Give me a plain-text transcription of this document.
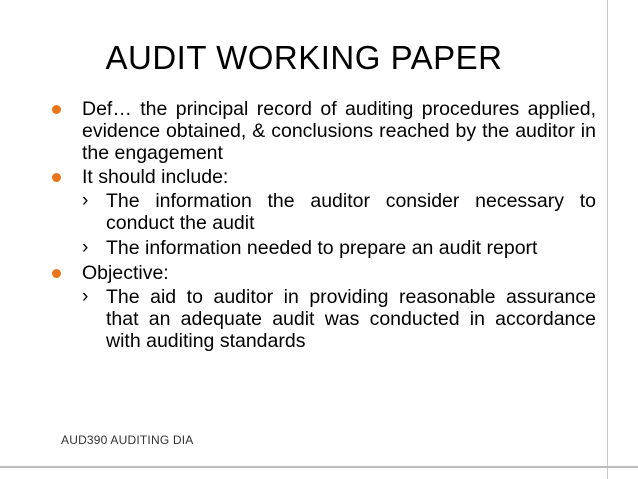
AUDIT WORKING PAPER
Def… the principal record of auditing procedures applied, evidence obtained, & conclusions reached by the auditor in the engagement
It should include:
› The information the auditor consider necessary to conduct the audit
› The information needed to prepare an audit report
Objective:
› The aid to auditor in providing reasonable assurance that an adequate audit was conducted in accordance with auditing standards
AUD390 AUDITING DIA
